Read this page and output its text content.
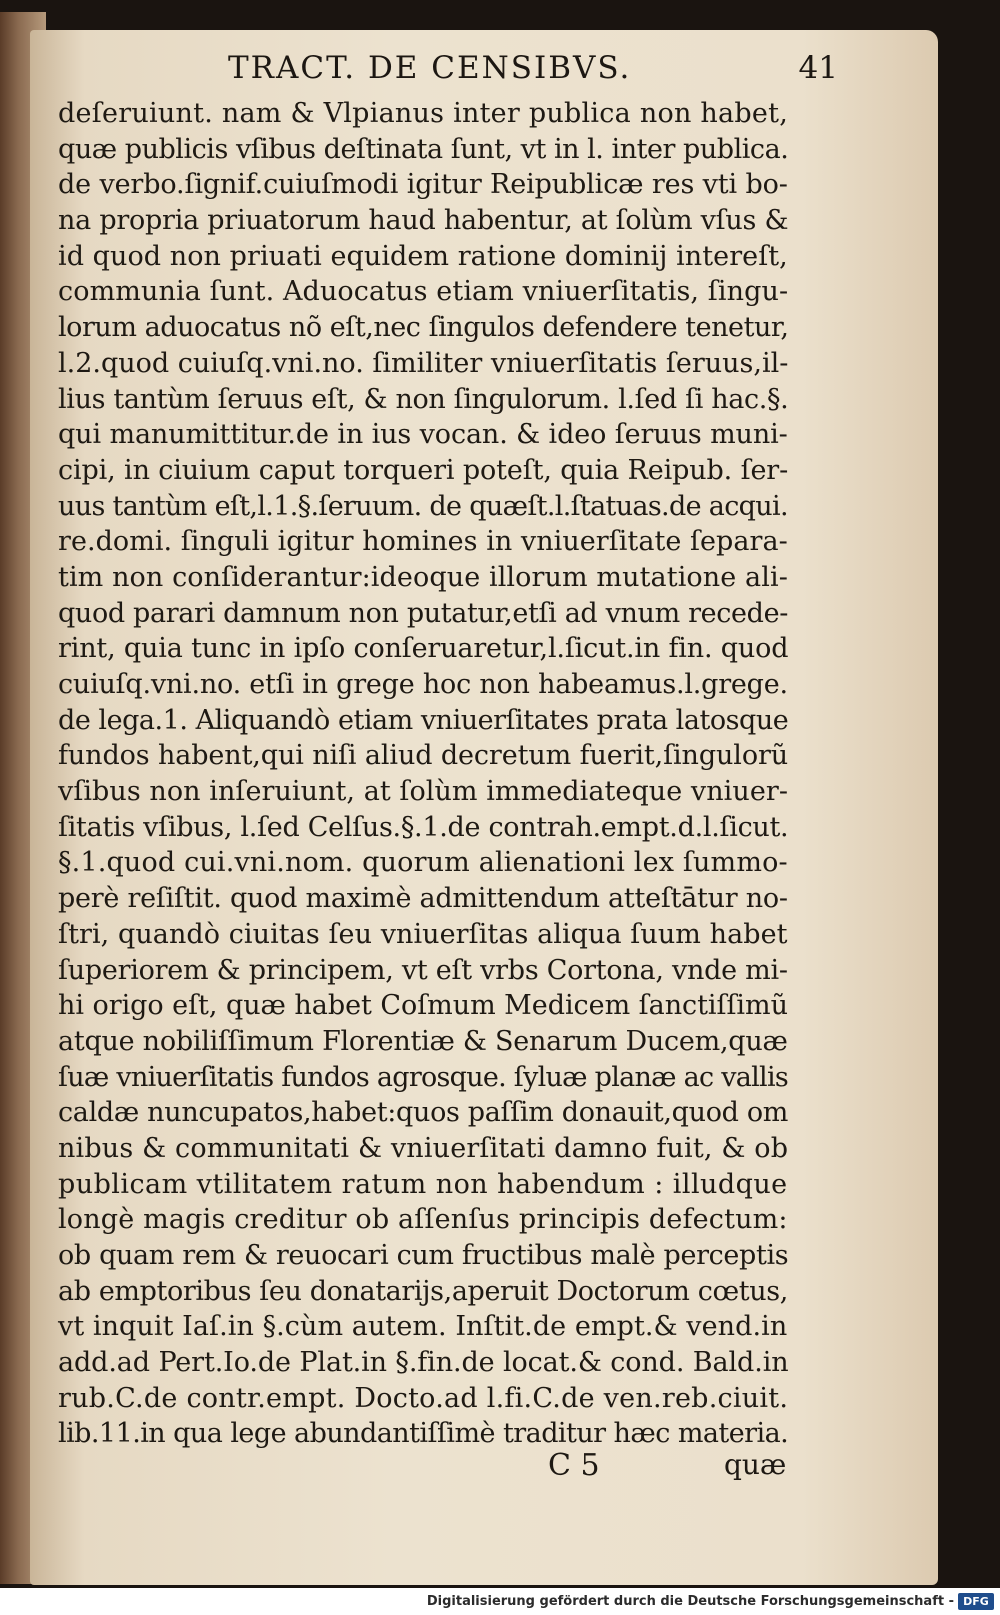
TRACT. DE CENSIBVS.	41
deſeruiunt. nam & Vlpianus inter publica non habet,
quæ publicis vſibus deſtinata ſunt, vt in l. inter publica.
de verbo.ſignif.cuiuſmodi igitur Reipublicæ res vti bo-
na propria priuatorum haud habentur, at ſolùm vſus &
id quod non priuati equidem ratione dominij intereſt,
communia ſunt. Aduocatus etiam vniuerſitatis, ſingu-
lorum aduocatus nõ eſt,nec ſingulos defendere tenetur,
l.2.quod cuiuſq.vni.no. ſimiliter vniuerſitatis ſeruus,il-
lius tantùm ſeruus eſt, & non ſingulorum. l.ſed ſi hac.§.
qui manumittitur.de in ius vocan. & ideo ſeruus muni-
cipi, in ciuium caput torqueri poteſt, quia Reipub. ſer-
uus tantùm eſt,l.1.§.ſeruum. de quæſt.l.ſtatuas.de acqui.
re.domi. ſinguli igitur homines in vniuerſitate ſepara-
tim non conſiderantur:ideoque illorum mutatione ali-
quod parari damnum non putatur,etſi ad vnum recede-
rint, quia tunc in ipſo conſeruaretur,l.ſicut.in fin. quod
cuiuſq.vni.no. etſi in grege hoc non habeamus.l.grege.
de lega.1. Aliquandò etiam vniuerſitates prata latosque
fundos habent,qui niſi aliud decretum fuerit,ſingulorũ
vſibus non inſeruiunt, at ſolùm immediateque vniuer-
ſitatis vſibus, l.ſed Celſus.§.1.de contrah.empt.d.l.ſicut.
§.1.quod cui.vni.nom. quorum alienationi lex ſummo-
perè reſiſtit. quod maximè admittendum atteſtātur no-
ſtri, quandò ciuitas ſeu vniuerſitas aliqua ſuum habet
ſuperiorem & principem, vt eſt vrbs Cortona, vnde mi-
hi origo eſt, quæ habet Coſmum Medicem ſanctiſſimũ
atque nobiliſſimum Florentiæ & Senarum Ducem,quæ
ſuæ vniuerſitatis fundos agrosque. ſyluæ planæ ac vallis
caldæ nuncupatos,habet:quos paſſim donauit,quod om
nibus & communitati & vniuerſitati damno fuit, & ob
publicam vtilitatem ratum non habendum : illudque
longè magis creditur ob aſſenſus principis defectum:
ob quam rem & reuocari cum fructibus malè perceptis
ab emptoribus ſeu donatarijs,aperuit Doctorum cœtus,
vt inquit Iaſ.in §.cùm autem. Inſtit.de empt.& vend.in
add.ad Pert.Io.de Plat.in §.fin.de locat.& cond. Bald.in
rub.C.de contr.empt. Docto.ad l.fi.C.de ven.reb.ciuit.
lib.11.in qua lege abundantiſſimè traditur hæc materia.
C 5	quæ
Digitalisierung gefördert durch die Deutsche Forschungsgemeinschaft - DFG
